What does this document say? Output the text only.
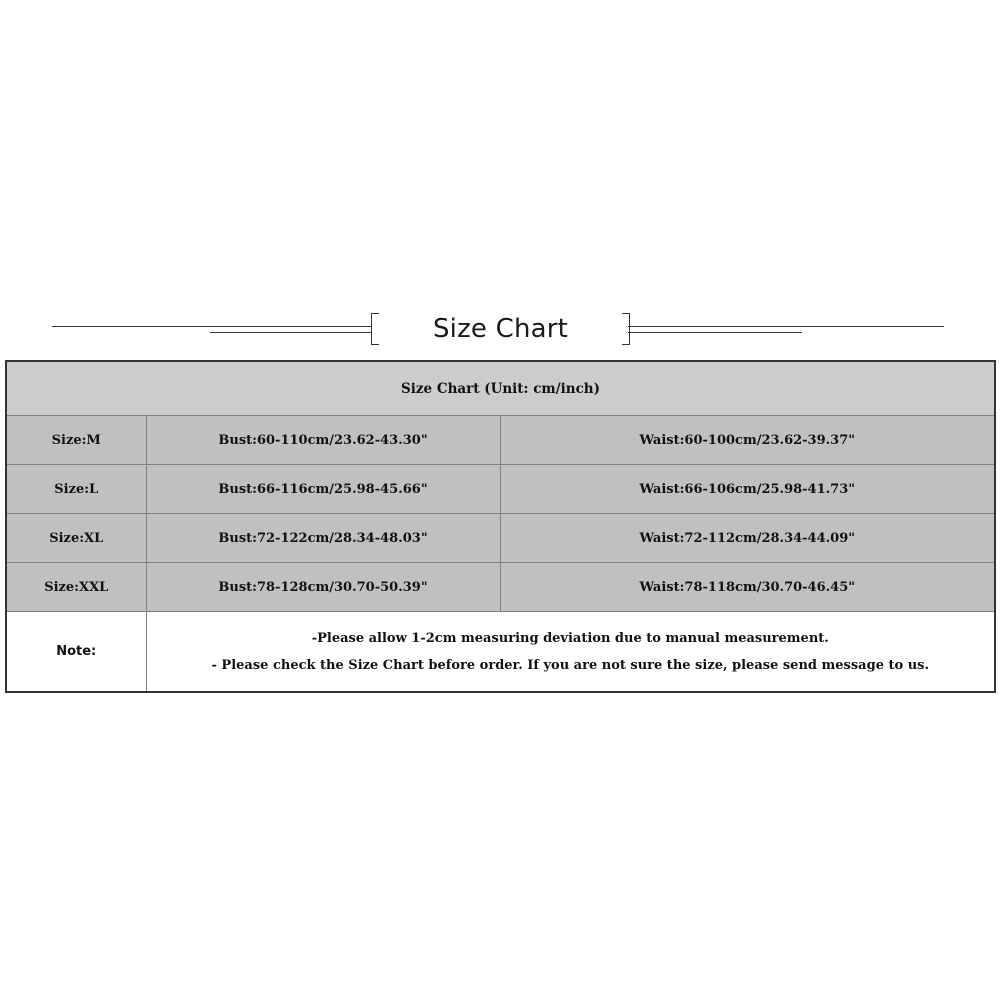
Size Chart
Size Chart (Unit: cm/inch)		
Size:M	Bust:60-110cm/23.62-43.30"	Waist:60-100cm/23.62-39.37"
Size:L	Bust:66-116cm/25.98-45.66"	Waist:66-106cm/25.98-41.73"
Size:XL	Bust:72-122cm/28.34-48.03"	Waist:72-112cm/28.34-44.09"
Size:XXL	Bust:78-128cm/30.70-50.39"	Waist:78-118cm/30.70-46.45"
Note:	-Please allow 1-2cm measuring deviation due to manual measurement.
- Please check the Size Chart before order. If you are not sure the size, please send message to us.	
